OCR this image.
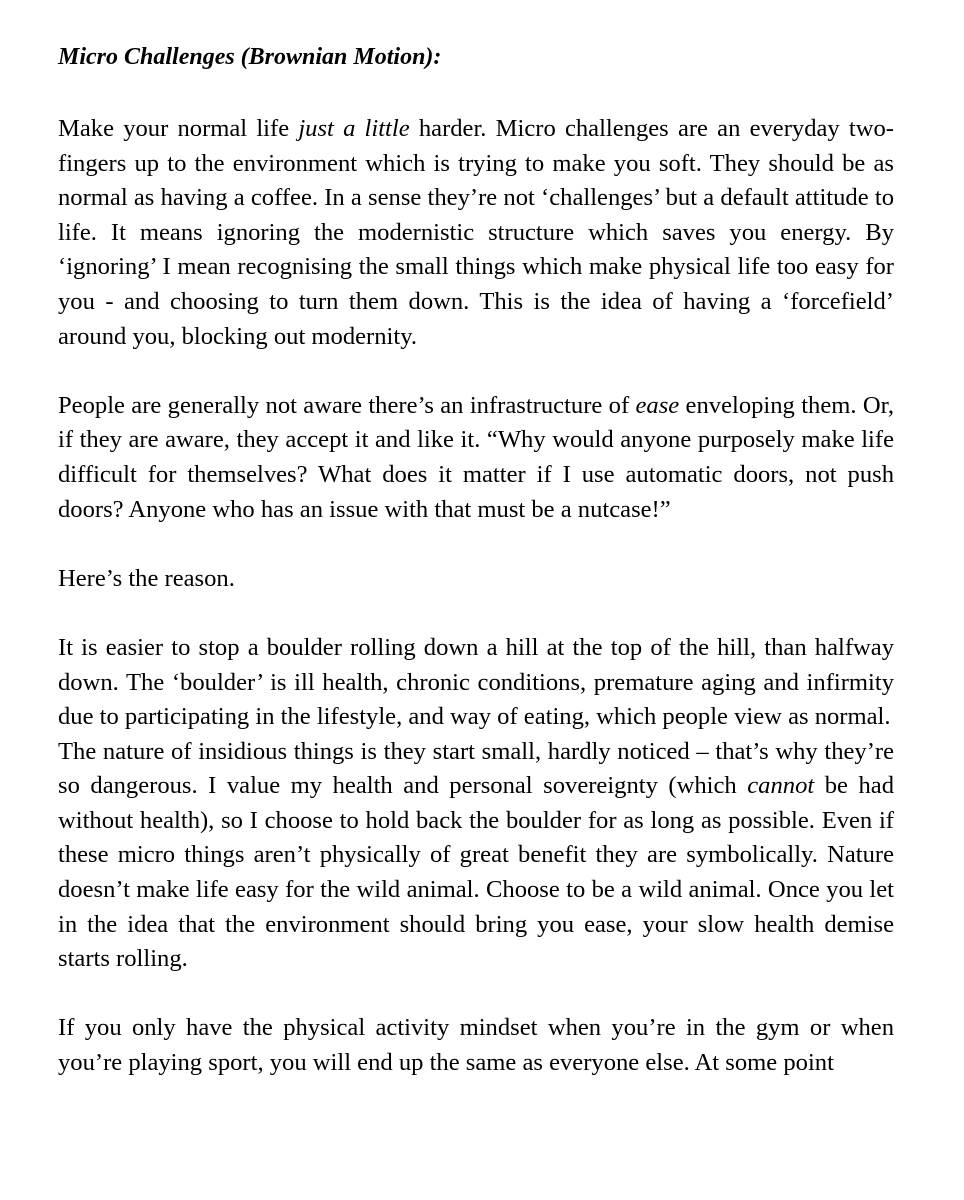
Micro Challenges (Brownian Motion):

Make your normal life just a little harder. Micro challenges are an everyday two-fingers up to the environment which is trying to make you soft. They should be as normal as having a coffee. In a sense they’re not ‘challenges’ but a default attitude to life. It means ignoring the modernistic structure which saves you energy. By ‘ignoring’ I mean recognising the small things which make physical life too easy for you - and choosing to turn them down. This is the idea of having a ‘forcefield’ around you, blocking out modernity.

People are generally not aware there’s an infrastructure of ease enveloping them. Or, if they are aware, they accept it and like it. “Why would anyone purposely make life difficult for themselves? What does it matter if I use automatic doors, not push doors? Anyone who has an issue with that must be a nutcase!”

Here’s the reason.

It is easier to stop a boulder rolling down a hill at the top of the hill, than halfway down. The ‘boulder’ is ill health, chronic conditions, premature aging and infirmity due to participating in the lifestyle, and way of eating, which people view as normal.

The nature of insidious things is they start small, hardly noticed – that’s why they’re so dangerous. I value my health and personal sovereignty (which cannot be had without health), so I choose to hold back the boulder for as long as possible. Even if these micro things aren’t physically of great benefit they are symbolically. Nature doesn’t make life easy for the wild animal. Choose to be a wild animal. Once you let in the idea that the environment should bring you ease, your slow health demise starts rolling.

If you only have the physical activity mindset when you’re in the gym or when you’re playing sport, you will end up the same as everyone else. At some point
